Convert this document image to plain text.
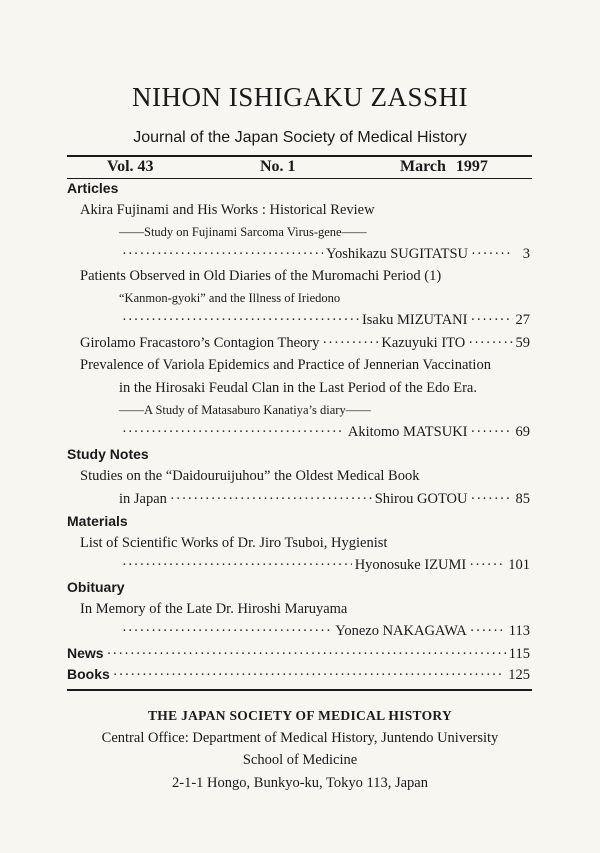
NIHON ISHIGAKU ZASSHI
Journal of the Japan Society of Medical History
Vol. 43	No. 1	March 1997
Articles
Akira Fujinami and His Works : Historical Review
——Study on Fujinami Sarcoma Virus-gene——
·····
Yoshikazu SUGITATSU ·····	3
Patients Observed in Old Diaries of the Muromachi Period (1)
“Kanmon-gyoki” and the Illness of Iriedono
·····
Isaku MIZUTANI ·····	27
Girolamo Fracastoro’s Contagion Theory ·····	Kazuyuki ITO ·····	59
Prevalence of Variola Epidemics and Practice of Jennerian Vaccination
in the Hirosaki Feudal Clan in the Last Period of the Edo Era.
——A Study of Matasaburo Kanatiya’s diary——
·····
Akitomo MATSUKI ·····	69
Study Notes
Studies on the “Daidouruijuhou” the Oldest Medical Book
in Japan ·····	Shirou GOTOU ·····	85
Materials
List of Scientific Works of Dr. Jiro Tsuboi, Hygienist
·····
Hyonosuke IZUMI ·····	101
Obituary
In Memory of the Late Dr. Hiroshi Maruyama
·····
Yonezo NAKAGAWA ·····	113
News ·····	115
Books ·····	125
THE JAPAN SOCIETY OF MEDICAL HISTORY
Central Office: Department of Medical History, Juntendo University
School of Medicine
2-1-1 Hongo, Bunkyo-ku, Tokyo 113, Japan
